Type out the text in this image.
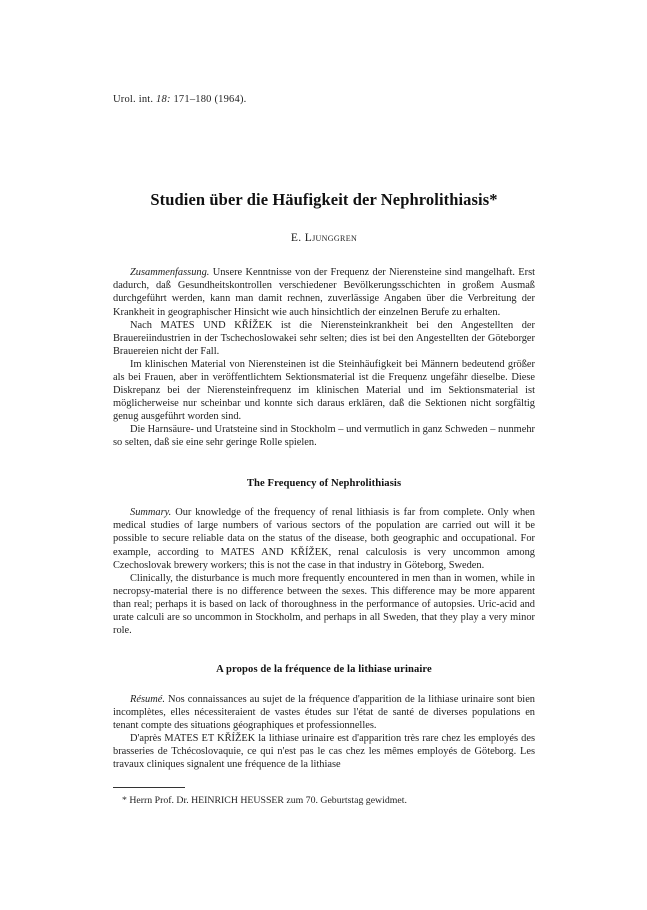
Urol. int. 18: 171–180 (1964).
Studien über die Häufigkeit der Nephrolithiasis*
E. Ljunggren

Zusammenfassung. Unsere Kenntnisse von der Frequenz der Nierensteine sind mangelhaft. Erst dadurch, daß Gesundheitskontrollen verschiedener Bevölkerungsschichten in großem Ausmaß durchgeführt werden, kann man damit rechnen, zuverlässige Angaben über die Verbreitung der Krankheit in geographischer Hinsicht wie auch hinsichtlich der einzelnen Berufe zu erhalten.

Nach MATES UND KŘÍŽEK ist die Nierensteinkrankheit bei den Angestellten der Brauereiindustrien in der Tschechoslowakei sehr selten; dies ist bei den Angestellten der Göteborger Brauereien nicht der Fall.

Im klinischen Material von Nierensteinen ist die Steinhäufigkeit bei Männern bedeutend größer als bei Frauen, aber in veröffentlichtem Sektionsmaterial ist die Frequenz ungefähr dieselbe. Diese Diskrepanz bei der Nierensteinfrequenz im klinischen Material und im Sektionsmaterial ist möglicherweise nur scheinbar und konnte sich daraus erklären, daß die Sektionen nicht sorgfältig genug ausgeführt worden sind.

Die Harnsäure- und Uratsteine sind in Stockholm – und vermutlich in ganz Schweden – nunmehr so selten, daß sie eine sehr geringe Rolle spielen.

The Frequency of Nephrolithiasis

Summary. Our knowledge of the frequency of renal lithiasis is far from complete. Only when medical studies of large numbers of various sectors of the population are carried out will it be possible to secure reliable data on the status of the disease, both geographic and occupational. For example, according to MATES AND KŘÍŽEK, renal calculosis is very uncommon among Czechoslovak brewery workers; this is not the case in that industry in Göteborg, Sweden.

Clinically, the disturbance is much more frequently encountered in men than in women, while in necropsy-material there is no difference between the sexes. This difference may be more apparent than real; perhaps it is based on lack of thoroughness in the performance of autopsies. Uric-acid and urate calculi are so uncommon in Stockholm, and perhaps in all Sweden, that they play a very minor role.

A propos de la fréquence de la lithiase urinaire

Résumé. Nos connaissances au sujet de la fréquence d'apparition de la lithiase urinaire sont bien incomplètes, elles nécessiteraient de vastes études sur l'état de santé de diverses populations en tenant compte des situations géographiques et professionnelles.

D'après MATES ET KŘÍŽEK la lithiase urinaire est d'apparition très rare chez les employés des brasseries de Tchécoslovaquie, ce qui n'est pas le cas chez les mêmes employés de Göteborg. Les travaux cliniques signalent une fréquence de la lithiase

* Herrn Prof. Dr. HEINRICH HEUSSER zum 70. Geburtstag gewidmet.
